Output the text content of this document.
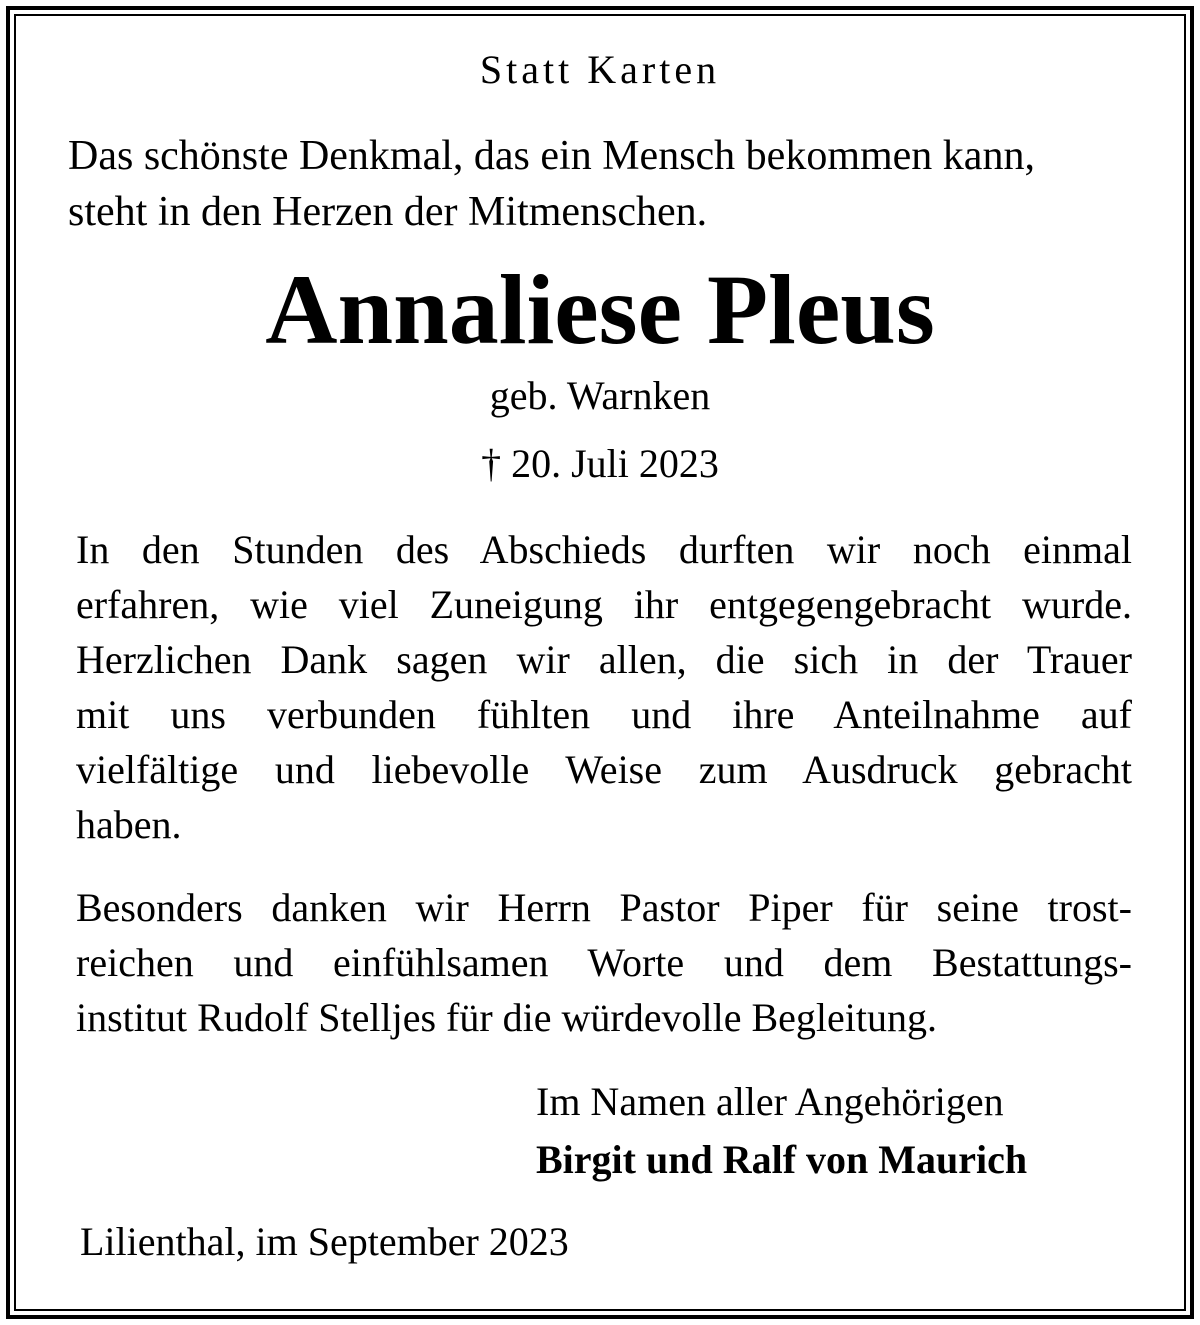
Statt Karten

Das schönste Denkmal, das ein Mensch bekommen kann,

steht in den Herzen der Mitmenschen.

Annaliese Pleus

geb. Warnken

† 20. Juli 2023

In den Stunden des Abschieds durften wir noch einmal
erfahren, wie viel Zuneigung ihr entgegengebracht wurde.
Herzlichen Dank sagen wir allen, die sich in der Trauer
mit uns verbunden fühlten und ihre Anteilnahme auf
vielfältige und liebevolle Weise zum Ausdruck gebracht
haben.
Besonders danken wir Herrn Pastor Piper für seine trost-
reichen und einfühlsamen Worte und dem Bestattungs-
institut Rudolf Stelljes für die würdevolle Begleitung.

Im Namen aller Angehörigen

Birgit und Ralf von Maurich

Lilienthal, im September 2023
